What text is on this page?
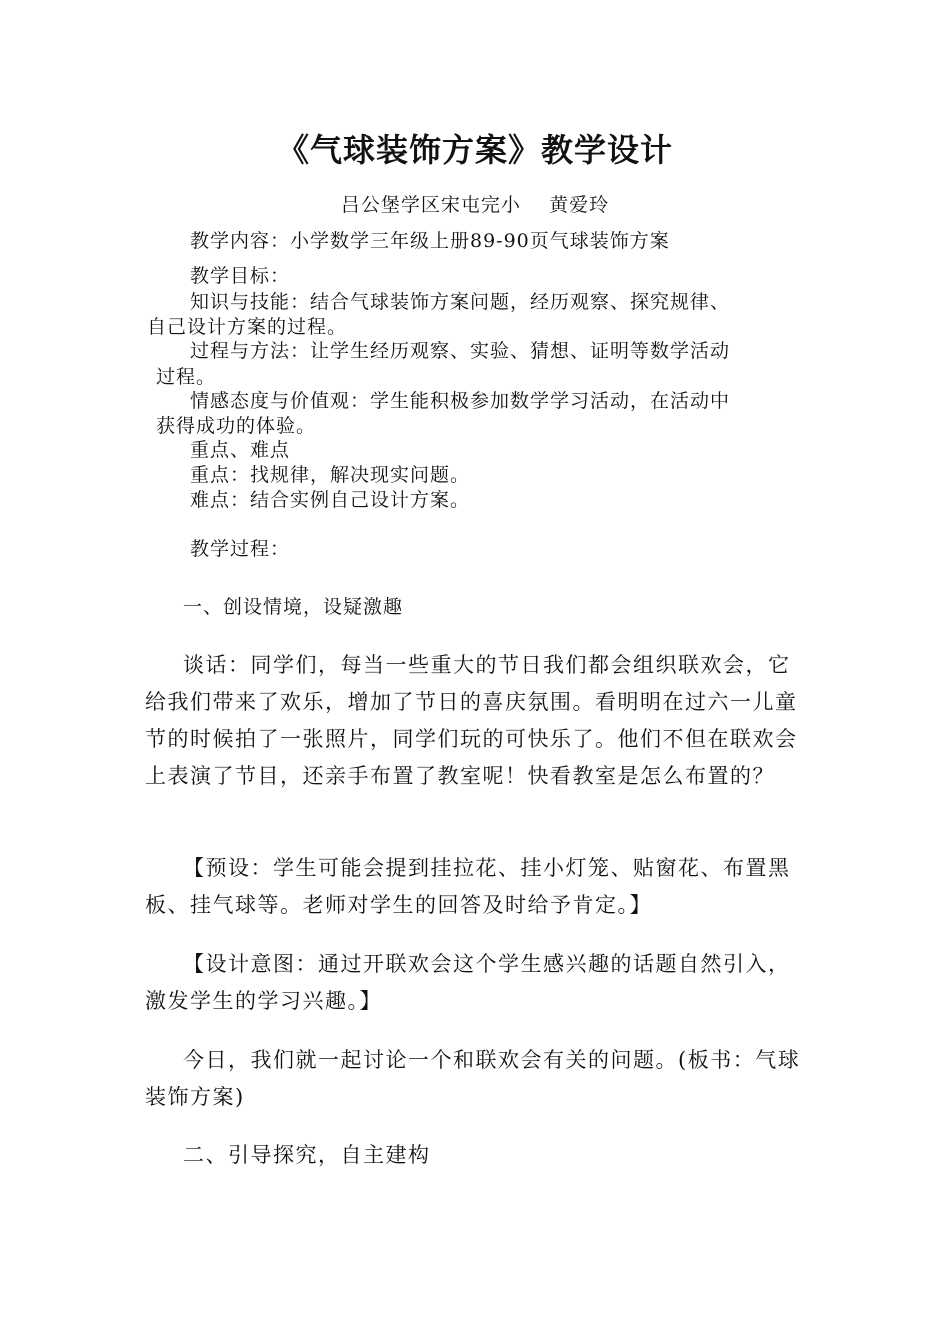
《气球装饰方案》教学设计
吕公堡学区宋屯完小    黄爱玲
教学内容：小学数学三年级上册89-90页气球装饰方案
教学目标：
知识与技能：结合气球装饰方案问题，经历观察、探究规律、
自己设计方案的过程。
过程与方法：让学生经历观察、实验、猜想、证明等数学活动
过程。
情感态度与价值观：学生能积极参加数学学习活动，在活动中
获得成功的体验。
重点、难点
重点：找规律，解决现实问题。
难点：结合实例自己设计方案。
教学过程：
一、创设情境，设疑激趣
谈话：同学们，每当一些重大的节日我们都会组织联欢会，它
给我们带来了欢乐，增加了节日的喜庆氛围。看明明在过六一儿童
节的时候拍了一张照片，同学们玩的可快乐了。他们不但在联欢会
上表演了节目，还亲手布置了教室呢！快看教室是怎么布置的？
【预设：学生可能会提到挂拉花、挂小灯笼、贴窗花、布置黑
板、挂气球等。老师对学生的回答及时给予肯定。】
【设计意图：通过开联欢会这个学生感兴趣的话题自然引入，
激发学生的学习兴趣。】
今日，我们就一起讨论一个和联欢会有关的问题。(板书：气球
装饰方案)
二、引导探究，自主建构
